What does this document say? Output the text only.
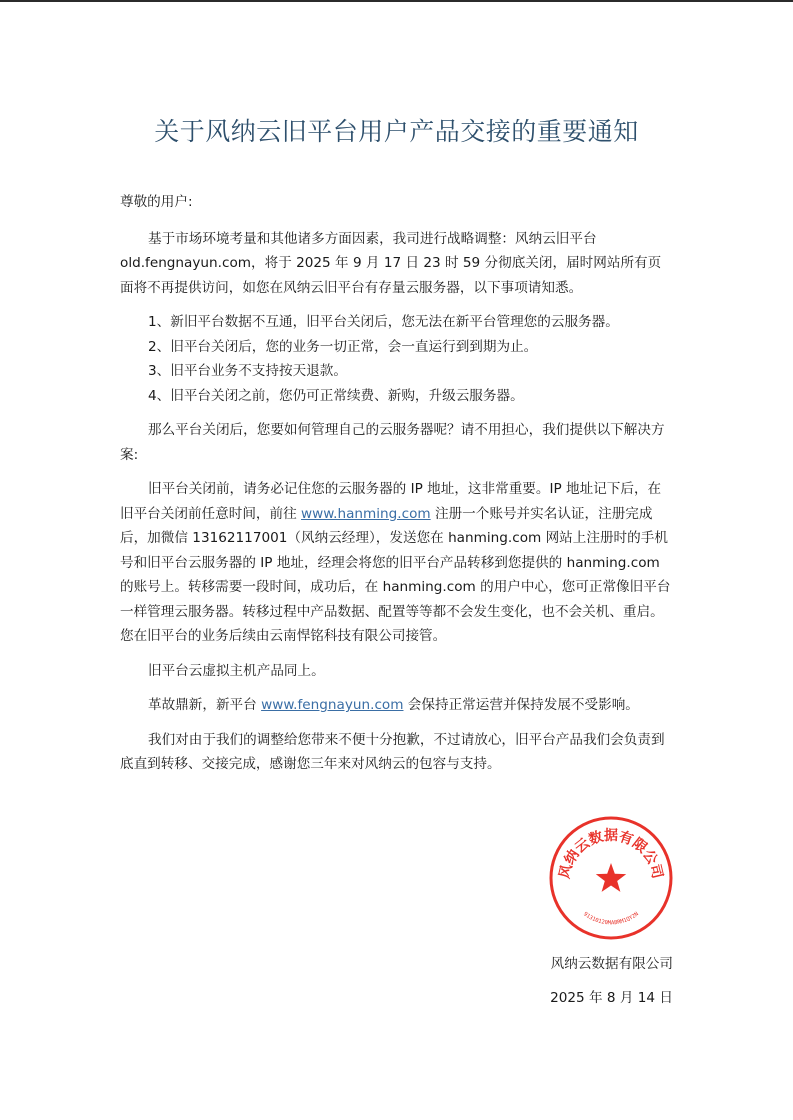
关于风纳云旧平台用户产品交接的重要通知

尊敬的用户:

基于市场环境考量和其他诸多方面因素，我司进行战略调整：风纳云旧平台 old.fengnayun.com，将于 2025 年 9 月 17 日 23 时 59 分彻底关闭，届时网站所有页面将不再提供访问，如您在风纳云旧平台有存量云服务器，以下事项请知悉。

1、新旧平台数据不互通，旧平台关闭后，您无法在新平台管理您的云服务器。
2、旧平台关闭后，您的业务一切正常，会一直运行到到期为止。
3、旧平台业务不支持按天退款。
4、旧平台关闭之前，您仍可正常续费、新购，升级云服务器。

那么平台关闭后，您要如何管理自己的云服务器呢？请不用担心，我们提供以下解决方案:

旧平台关闭前，请务必记住您的云服务器的 IP 地址，这非常重要。IP 地址记下后，在旧平台关闭前任意时间，前往 www.hanming.com 注册一个账号并实名认证，注册完成后，加微信 13162117001（风纳云经理），发送您在 hanming.com 网站上注册时的手机号和旧平台云服务器的 IP 地址，经理会将您的旧平台产品转移到您提供的 hanming.com 的账号上。转移需要一段时间，成功后，在 hanming.com 的用户中心，您可正常像旧平台一样管理云服务器。转移过程中产品数据、配置等等都不会发生变化，也不会关机、重启。您在旧平台的业务后续由云南悍铭科技有限公司接管。

旧平台云虚拟主机产品同上。

革故鼎新，新平台 www.fengnayun.com 会保持正常运营并保持发展不受影响。

我们对由于我们的调整给您带来不便十分抱歉，不过请放心，旧平台产品我们会负责到底直到转移、交接完成，感谢您三年来对风纳云的包容与支持。

风纳云数据有限公司
91310120MABRM1QY2N
风纳云数据有限公司
2025 年 8 月 14 日
